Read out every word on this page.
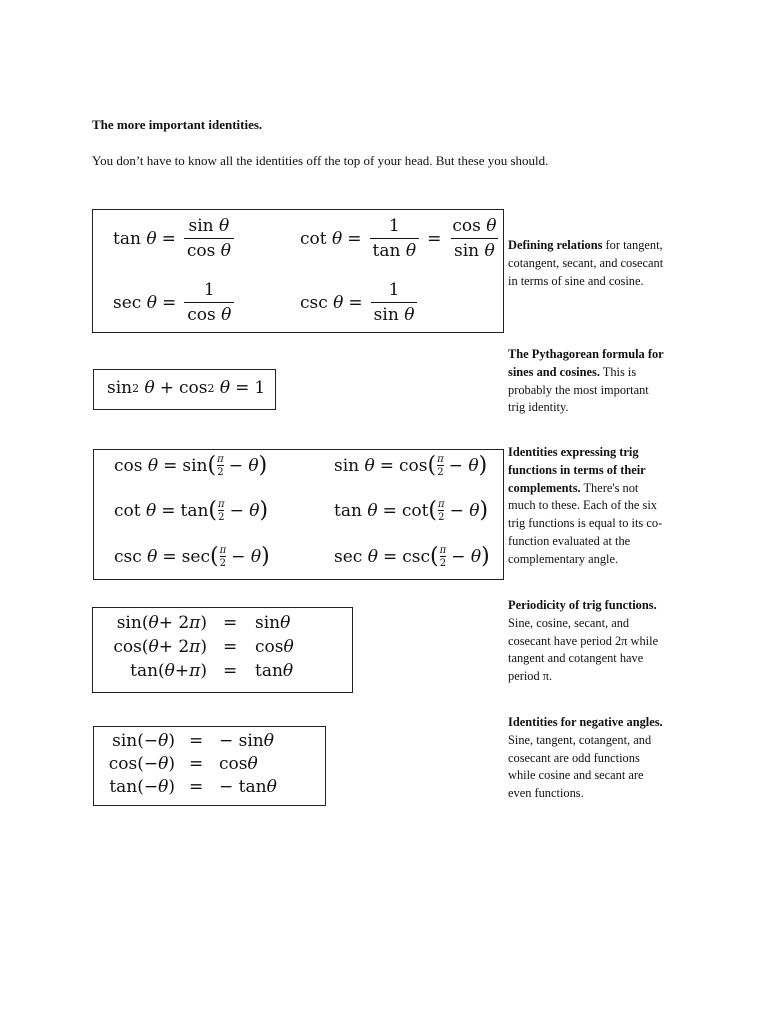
The more important identities.
You don’t have to know all the identities off the top of your head. But these you should.
$\tan \theta = \frac{\text{sin θ}}{\text{cos θ}}$	$\cot \theta = \frac{1}{\text{tan θ}} = \frac{\text{cos θ}}{\text{sin θ}}$
$\sec \theta = \frac{1}{\text{cos θ}}$	$\csc \theta = \frac{1}{\text{sin θ}}$
sin 2
θ + cos 2
θ = 1
cos θ = sin ( $\frac{\pi}{2} - \theta$ )
cot θ = tan ( $\frac{\pi}{2} - \theta$ )
csc θ = sec ( $\frac{\pi}{2} - \theta$ )
sin θ = cos ( $\frac{\pi}{2} - \theta$ )
tan θ = cot ( $\frac{\pi}{2} - \theta$ )
sec θ = csc ( $\frac{\pi}{2} - \theta$ )
sin( θ + 2 π ) = sin θ
cos( θ + 2 π ) = cos θ
tan( θ + π ) = tan θ
sin(− θ ) = − sin θ
cos(− θ ) = cos θ
tan(− θ ) = − tan θ
Defining relations for tangent, cotangent, secant, and cosecant in terms of sine and cosine.
The Pythagorean formula for sines and cosines. This is probably the most important trig identity.
Identities expressing trig functions in terms of their complements. There's not much to these. Each of the six trig functions is equal to its co-function evaluated at the complementary angle.
Periodicity of trig functions. Sine, cosine, secant, and cosecant have period 2π while tangent and cotangent have period π.
Identities for negative angles. Sine, tangent, cotangent, and cosecant are odd functions while cosine and secant are even functions.
